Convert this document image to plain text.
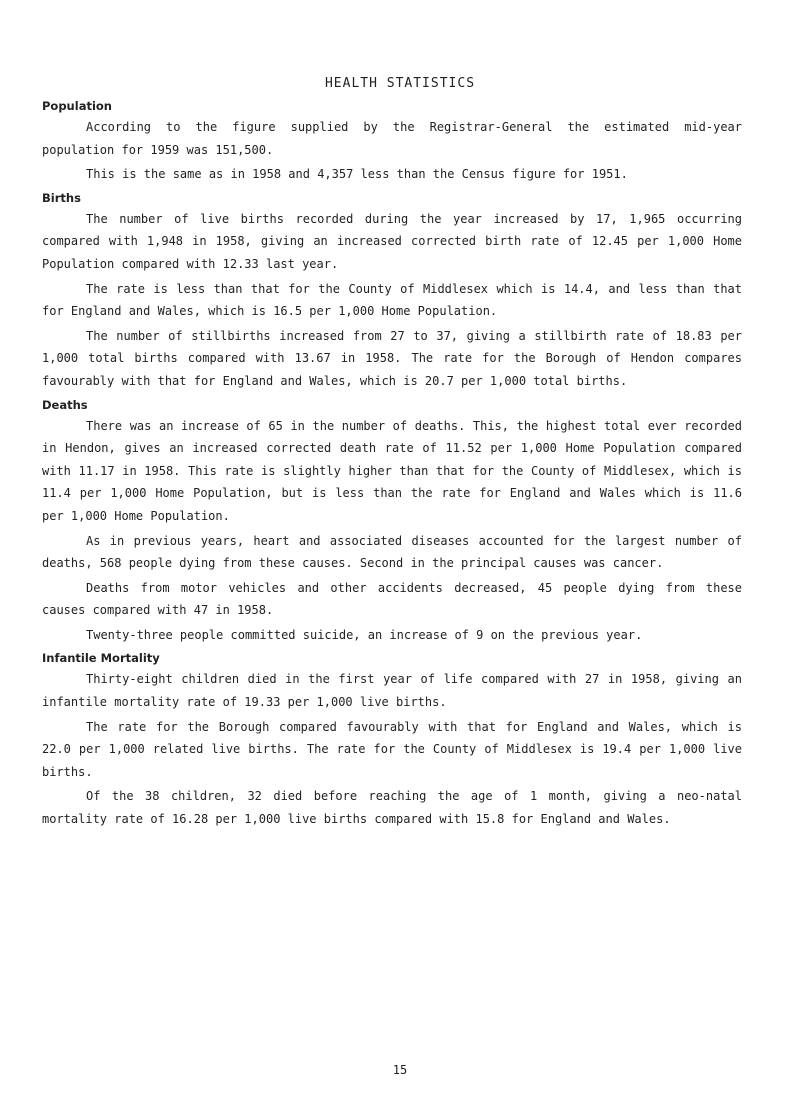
HEALTH STATISTICS
Population

According to the figure supplied by the Registrar-General the estimated mid-year population for 1959 was 151,500.

This is the same as in 1958 and 4,357 less than the Census figure for 1951.

Births

The number of live births recorded during the year increased by 17, 1,965 occurring compared with 1,948 in 1958, giving an increased corrected birth rate of 12.45 per 1,000 Home Population compared with 12.33 last year.

The rate is less than that for the County of Middlesex which is 14.4, and less than that for England and Wales, which is 16.5 per 1,000 Home Population.

The number of stillbirths increased from 27 to 37, giving a stillbirth rate of 18.83 per 1,000 total births compared with 13.67 in 1958. The rate for the Borough of Hendon compares favourably with that for England and Wales, which is 20.7 per 1,000 total births.

Deaths

There was an increase of 65 in the number of deaths. This, the highest total ever recorded in Hendon, gives an increased corrected death rate of 11.52 per 1,000 Home Population compared with 11.17 in 1958. This rate is slightly higher than that for the County of Middlesex, which is 11.4 per 1,000 Home Population, but is less than the rate for England and Wales which is 11.6 per 1,000 Home Population.

As in previous years, heart and associated diseases accounted for the largest number of deaths, 568 people dying from these causes. Second in the principal causes was cancer.

Deaths from motor vehicles and other accidents decreased, 45 people dying from these causes compared with 47 in 1958.

Twenty-three people committed suicide, an increase of 9 on the previous year.

Infantile Mortality

Thirty-eight children died in the first year of life compared with 27 in 1958, giving an infantile mortality rate of 19.33 per 1,000 live births.

The rate for the Borough compared favourably with that for England and Wales, which is 22.0 per 1,000 related live births. The rate for the County of Middlesex is 19.4 per 1,000 live births.

Of the 38 children, 32 died before reaching the age of 1 month, giving a neo-natal mortality rate of 16.28 per 1,000 live births compared with 15.8 for England and Wales.

15
